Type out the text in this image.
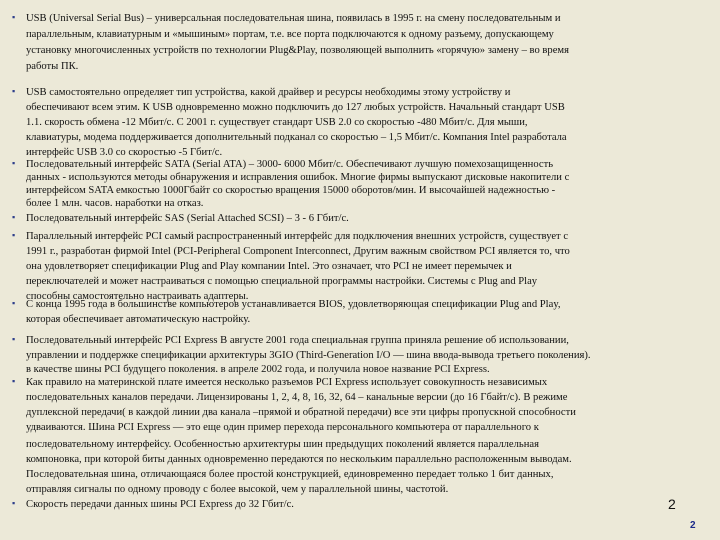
▪	USB (Universal Serial Bus) – универсальная последовательная шина, появилась в 1995 г. на смену последовательным и
параллельным, клавиатурным и «мышиным» портам, т.е. все порта подключаются к одному разъему, допускающему
установку многочисленных устройств по технологии Plug&Play, позволяющей выполнить «горячую» замену – во время
работы ПК.
▪	USB самостоятельно определяет тип устройства, какой драйвер и ресурсы необходимы этому устройству и
обеспечивают всем этим. К USB одновременно можно подключить до 127 любых устройств. Начальный стандарт USB
1.1. скорость обмена -12 Мбит/с. С 2001 г. существует стандарт USB 2.0 со скоростью -480 Мбит/с. Для мыши,
клавиатуры, модема поддерживается дополнительный подканал со скоростью – 1,5 Мбит/с. Компания Intel разработала
интерфейс USB 3.0 со скоростью -5 Гбит/с.
▪	Последовательный интерфейс SATA (Serial ATA) – 3000- 6000 Мбит/с. Обеспечивают лучшую помехозащищенность
данных - используются методы обнаружения и исправления ошибок. Многие фирмы выпускают дисковые накопители с
интерфейсом SATA емкостью 1000Гбайт со скоростью вращения 15000 оборотов/мин. И высочайшей надежностью -
более 1 млн. часов. наработки на отказ.
▪	Последовательный интерфейс SAS (Serial Attached SCSI) – 3 - 6 Гбит/с.
▪	Параллельный интерфейс PCI самый распространенный интерфейс для подключения внешних устройств, существует с
1991 г., разработан фирмой Intel (PCI-Peripheral Component Interconnect, Другим важным свойством PCI является то, что
она удовлетворяет спецификации Plug and Play компании Intel. Это означает, что PCI не имеет перемычек и
переключателей и может настраиваться с помощью специальной программы настройки. Системы с Plug and Play
способны самостоятельно настраивать адаптеры.
▪	С конца 1995 года в большинстве компьютеров устанавливается BIOS, удовлетворяющая спецификации Plug and Play,
которая обеспечивает автоматическую настройку.
▪	Последовательный интерфейс PCI Express В августе 2001 года специальная группа приняла решение об использовании,
управлении и поддержке спецификации архитектуры 3GIO (Third-Generation I/O — шина ввода-вывода третьего поколения).
в качестве шины PCI будущего поколения. в апреле 2002 года, и получила новое название PCI Express.
▪	Как правило на материнской плате имеется несколько разъемов PCI Express использует совокупность независимых
последовательных каналов передачи. Лицензированы 1, 2, 4, 8, 16, 32, 64 – канальные версии (до 16 Гбайт/с). В режиме
дуплексной передачи( в каждой линии два канала –прямой и обратной передачи) все эти цифры пропускной способности
удваиваются. Шина PCI Express — это еще один пример перехода персонального компьютера от параллельного к
последовательному интерфейсу. Особенностью архитектуры шин предыдущих поколений является параллельная
компоновка, при которой биты данных одновременно передаются по нескольким параллельно расположенным выводам.
Последовательная шина, отличающаяся более простой конструкцией, единовременно передает только 1 бит данных,
отправляя сигналы по одному проводу с более высокой, чем у параллельной шины, частотой.
▪	Скорость передачи данных шины PCI Express до 32 Гбит/с.	2
2
